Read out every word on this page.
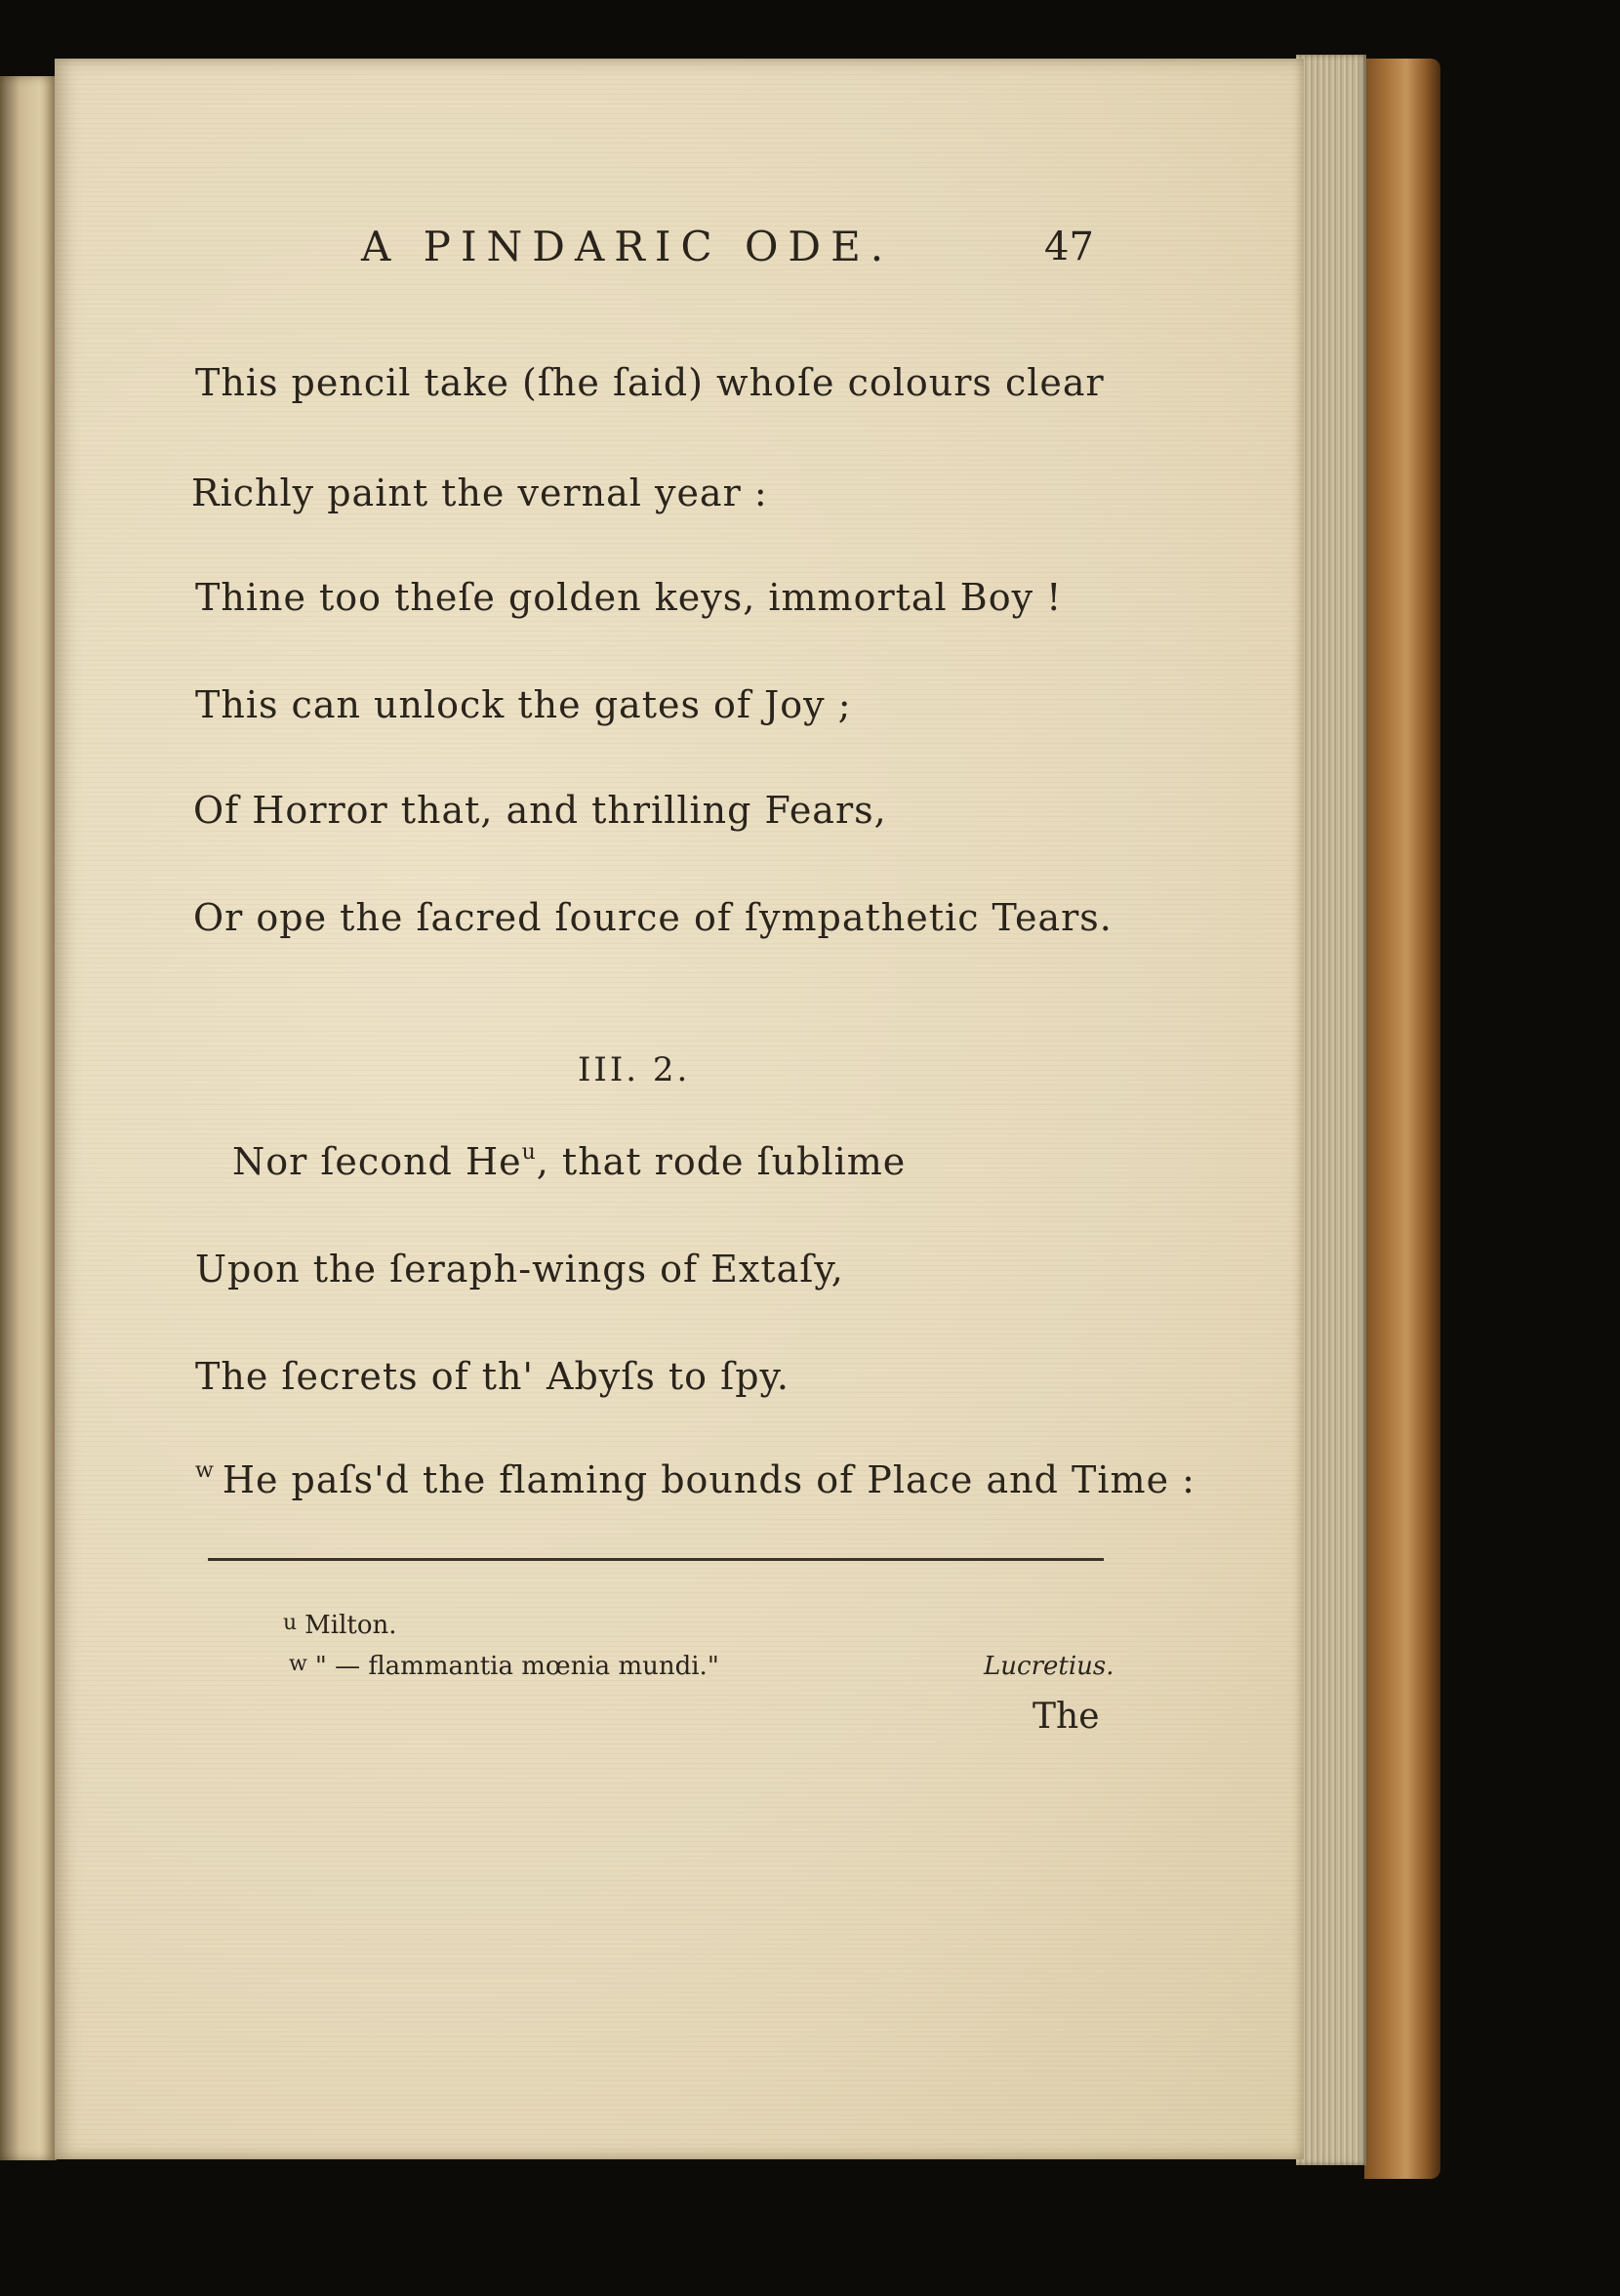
A PINDARIC ODE.	47
This pencil take (ſhe ſaid) whoſe colours clear
Richly paint the vernal year :
Thine too theſe golden keys, immortal Boy !
This can unlock the gates of Joy ;
Of Horror that, and thrilling Fears,
Or ope the ſacred ſource of ſympathetic Tears.
III. 2.
Nor ſecond He$^u$, that rode ſublime
Upon the ſeraph-wings of Extaſy,
The ſecrets of th' Abyſs to ſpy.
$^w$ He paſs'd the flaming bounds of Place and Time :
$^u$ Milton.
$^w$ " — flammantia mœnia mundi."	Lucretius.
The
